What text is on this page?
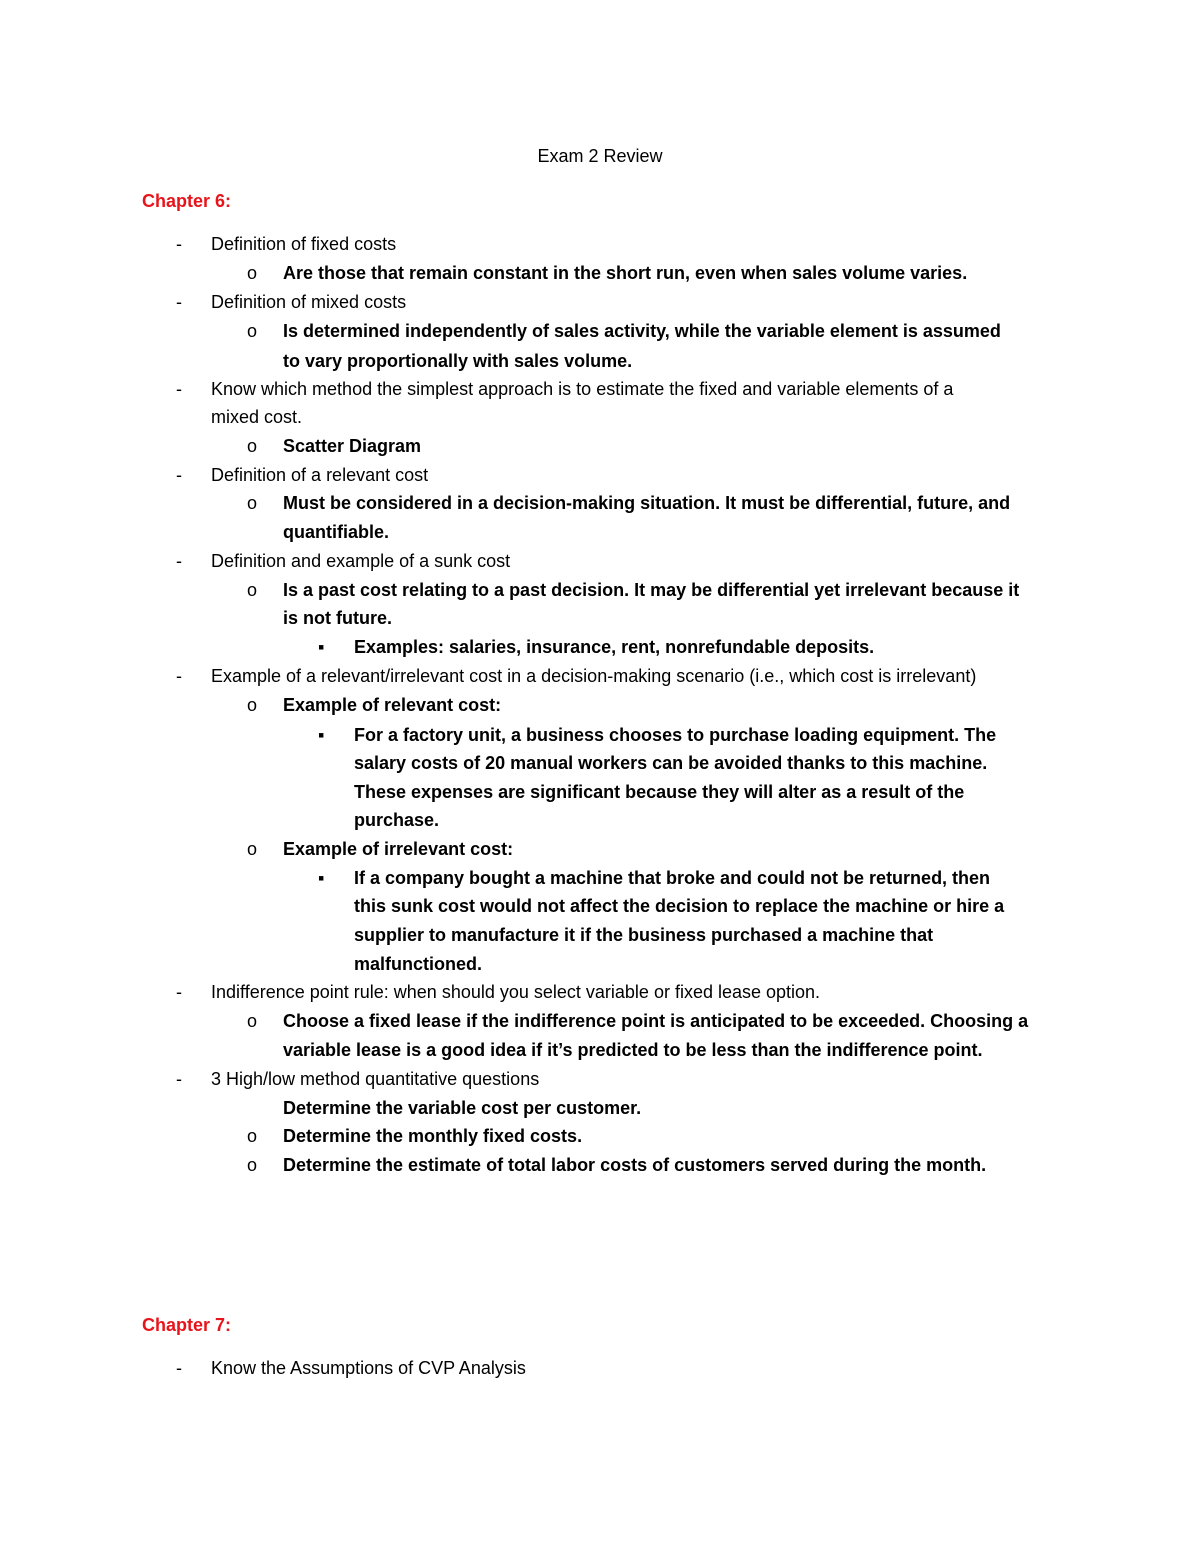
Exam 2 Review
Chapter 6:
- Definition of fixed costs
o Are those that remain constant in the short run, even when sales volume varies.
- Definition of mixed costs
o Is determined independently of sales activity, while the variable element is assumed
to vary proportionally with sales volume.
- Know which method the simplest approach is to estimate the fixed and variable elements of a
mixed cost.
o Scatter Diagram
- Definition of a relevant cost
o Must be considered in a decision-making situation. It must be differential, future, and
quantifiable.
- Definition and example of a sunk cost
o Is a past cost relating to a past decision. It may be differential yet irrelevant because it
is not future.
▪ Examples: salaries, insurance, rent, nonrefundable deposits.
- Example of a relevant/irrelevant cost in a decision-making scenario (i.e., which cost is irrelevant)
o Example of relevant cost:
▪ For a factory unit, a business chooses to purchase loading equipment. The
salary costs of 20 manual workers can be avoided thanks to this machine.
These expenses are significant because they will alter as a result of the
purchase.
o Example of irrelevant cost:
▪ If a company bought a machine that broke and could not be returned, then
this sunk cost would not affect the decision to replace the machine or hire a
supplier to manufacture it if the business purchased a machine that
malfunctioned.
- Indifference point rule: when should you select variable or fixed lease option.
o Choose a fixed lease if the indifference point is anticipated to be exceeded. Choosing a
variable lease is a good idea if it’s predicted to be less than the indifference point.
- 3 High/low method quantitative questions
Determine the variable cost per customer.
o Determine the monthly fixed costs.
o Determine the estimate of total labor costs of customers served during the month.
Chapter 7:
- Know the Assumptions of CVP Analysis
